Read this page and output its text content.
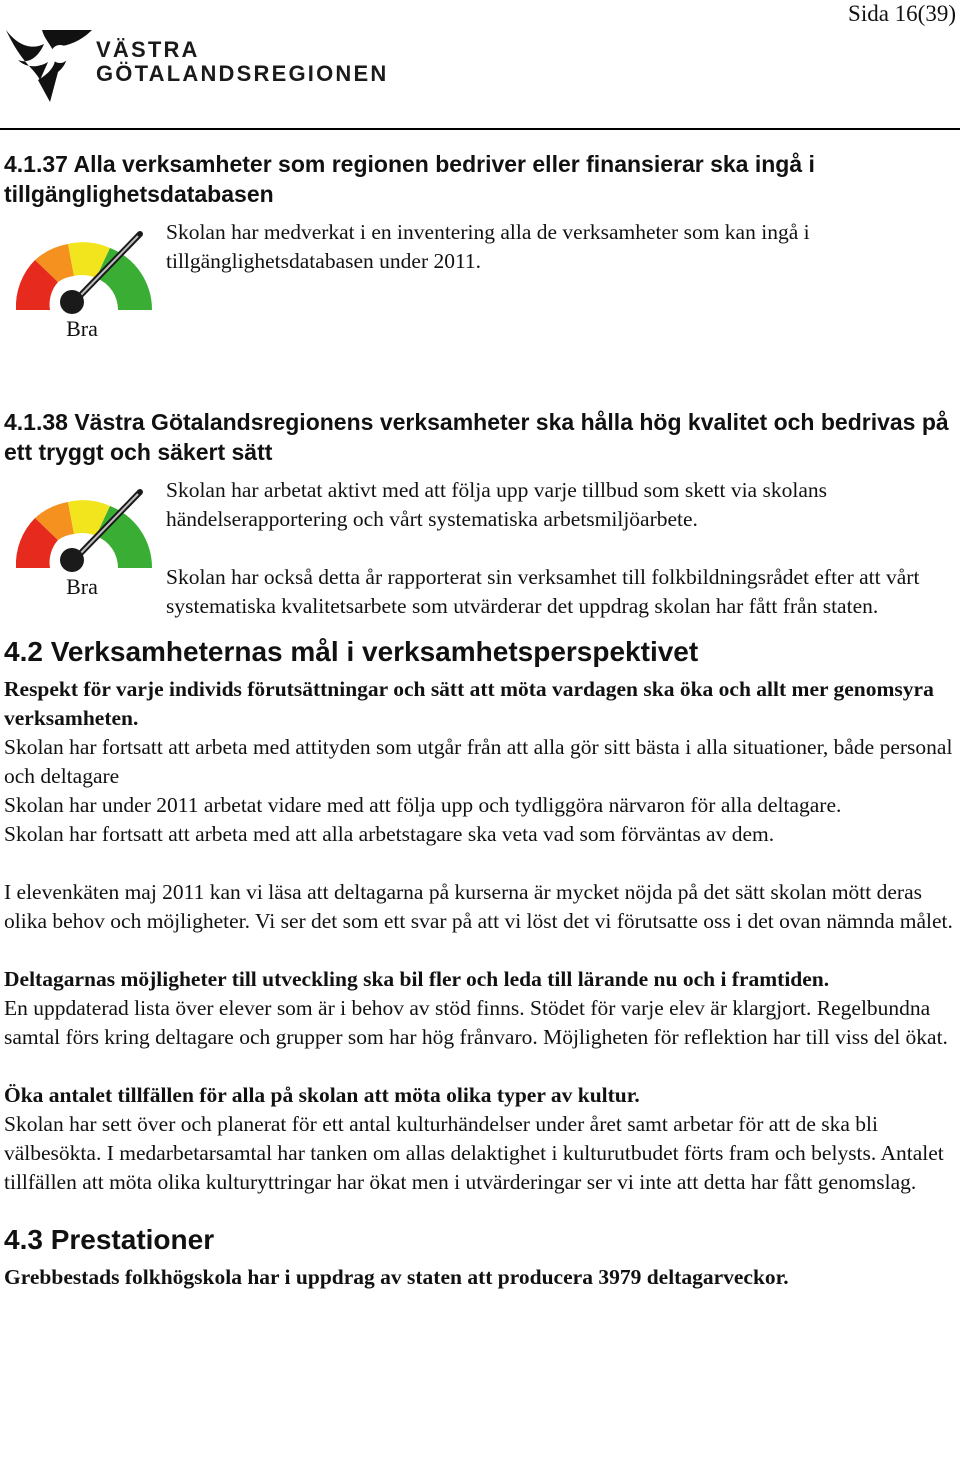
Sida 16(39)
VÄSTRA
GÖTALANDSREGIONEN
4.1.37 Alla verksamheter som regionen bedriver eller finansierar ska ingå i tillgänglighetsdatabasen
Bra

Skolan har medverkat i en inventering alla de verksamheter som kan ingå i tillgänglighetsdatabasen under 2011.

4.1.38 Västra Götalandsregionens verksamheter ska hålla hög kvalitet och bedrivas på ett tryggt och säkert sätt
Bra

Skolan har arbetat aktivt med att följa upp varje tillbud som skett via skolans händelserapportering och vårt systematiska arbetsmiljöarbete.

Skolan har också detta år rapporterat sin verksamhet till folkbildningsrådet efter att vårt systematiska kvalitetsarbete som utvärderar det uppdrag skolan har fått från staten.

4.2 Verksamheternas mål i verksamhetsperspektivet

Respekt för varje individs förutsättningar och sätt att möta vardagen ska öka och allt mer genomsyra verksamheten.

Skolan har fortsatt att arbeta med attityden som utgår från att alla gör sitt bästa i alla situationer, både personal och deltagare

Skolan har under 2011 arbetat vidare med att följa upp och tydliggöra närvaron för alla deltagare.

Skolan har fortsatt att arbeta med att alla arbetstagare ska veta vad som förväntas av dem.

I elevenkäten maj 2011 kan vi läsa att deltagarna på kurserna är mycket nöjda på det sätt skolan mött deras olika behov och möjligheter. Vi ser det som ett svar på att vi löst det vi förutsatte oss i det ovan nämnda målet.

Deltagarnas möjligheter till utveckling ska bil fler och leda till lärande nu och i framtiden.

En uppdaterad lista över elever som är i behov av stöd finns. Stödet för varje elev är klargjort. Regelbundna samtal förs kring deltagare och grupper som har hög frånvaro. Möjligheten för reflektion har till viss del ökat.

Öka antalet tillfällen för alla på skolan att möta olika typer av kultur.

Skolan har sett över och planerat för ett antal kulturhändelser under året samt arbetar för att de ska bli välbesökta. I medarbetarsamtal har tanken om allas delaktighet i kulturutbudet förts fram och belysts. Antalet tillfällen att möta olika kulturyttringar har ökat men i utvärderingar ser vi inte att detta har fått genomslag.

4.3 Prestationer

Grebbestads folkhögskola har i uppdrag av staten att producera 3979 deltagarveckor.
